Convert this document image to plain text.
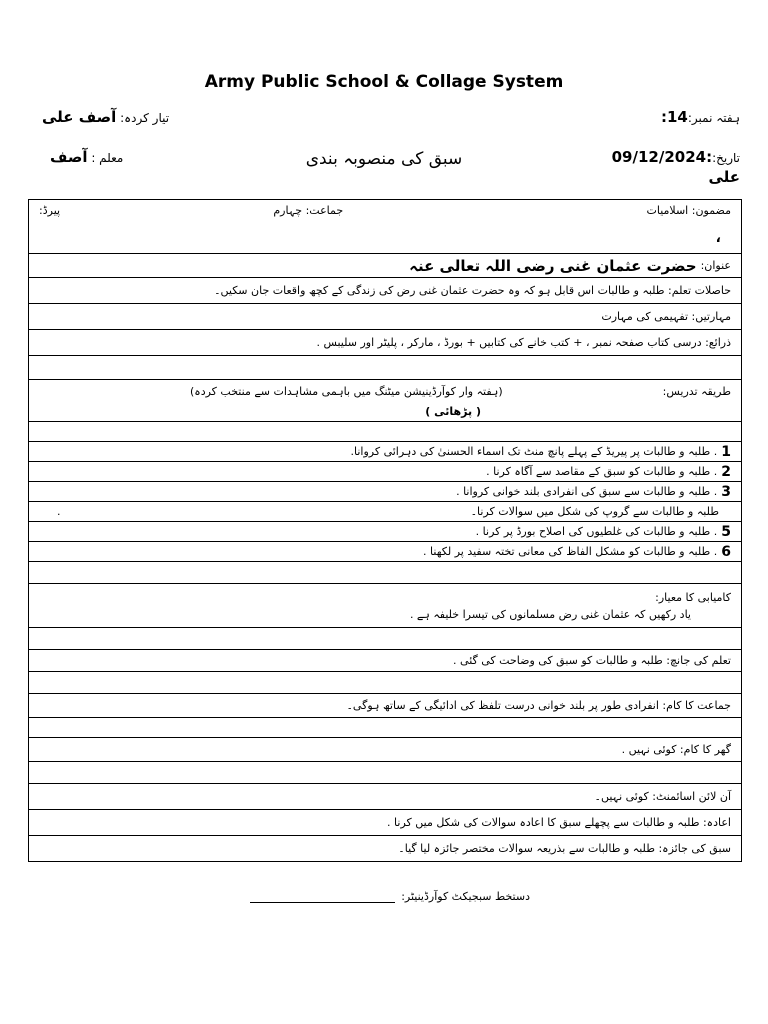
Army Public School & Collage System
ہفتہ نمبر:14:
تیار کردہ: آصف علی
تاریخ:09/12/2024:
علی
سبق کی منصوبہ بندی
معلم : آصف
مضمون: اسلامیات
جماعت: چہارم
پیرڈ:
،
عنوان:
حضرت عثمان غنی رضی اللہ تعالی عنہ
حاصلات تعلم: طلبہ و طالبات اس قابل ہو کہ وہ حضرت عثمان غنی رض کی زندگی کے کچھ واقعات جان سکیں۔
مہارتیں: تفہیمی کی مہارت
ذرائع: درسی کتاب صفحہ نمبر ، + کتب خانے کی کتابیں + بورڈ ، مارکر ، پلیٹر اور سلیبس .
طریقہ تدریس:
(ہفتہ وار کوآرڈینیشن میٹنگ میں باہمی مشاہدات سے منتخب کردہ)
( پڑھائی )
1
. طلبہ و طالبات پر پیریڈ کے پہلے پانچ منٹ تک اسماء الحسنیٰ کی دہرائی کروانا.
2
. طلبہ و طالبات کو سبق کے مقاصد سے آگاہ کرنا .
3
. طلبہ و طالبات سے سبق کی انفرادی بلند خوانی کروانا .
طلبہ و طالبات سے گروپ کی شکل میں سوالات کرنا۔
.
5
. طلبہ و طالبات کی غلطیوں کی اصلاح بورڈ پر کرنا .
6
. طلبہ و طالبات کو مشکل الفاظ کی معانی تختہ سفید پر لکھنا .
کامیابی کا معیار:
یاد رکھیں کہ عثمان غنی رض مسلمانوں کی تیسرا خلیفہ ہے .
تعلم کی جانچ: طلبہ و طالبات کو سبق کی وضاحت کی گئی .
جماعت کا کام: انفرادی طور پر بلند خوانی درست تلفظ کی ادائیگی کے ساتھ ہوگی۔
گھر کا کام: کوئی نہیں .
آن لائن اسائمنٹ: کوئی نہیں۔
اعادہ: طلبہ و طالبات سے پچھلے سبق کا اعادہ سوالات کی شکل میں کرنا .
سبق کی جائزہ: طلبہ و طالبات سے بذریعہ سوالات مختصر جائزہ لیا گیا۔
دستخط سبجیکٹ کوآرڈینیٹر:
